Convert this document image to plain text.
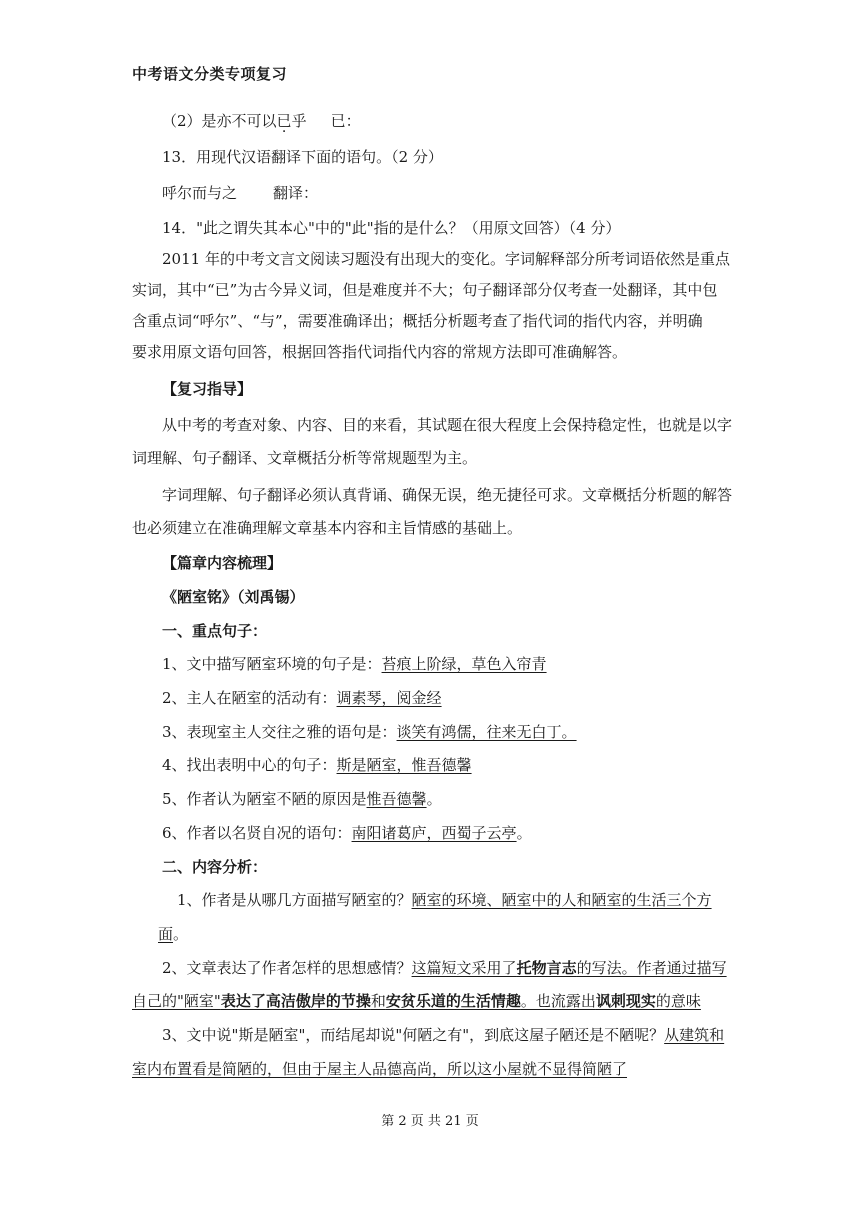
中考语文分类专项复习
（2）是亦不可以已乎 已：
13．用现代汉语翻译下面的语句。（2 分）
呼尔而与之 翻译：
14．"此之谓失其本心"中的"此"指的是什么？（用原文回答）（4 分）
2011 年的中考文言文阅读习题没有出现大的变化。字词解释部分所考词语依然是重点
实词，其中“已”为古今异义词，但是难度并不大；句子翻译部分仅考查一处翻译，其中包
含重点词“呼尔”、“与”，需要准确译出；概括分析题考查了指代词的指代内容，并明确
要求用原文语句回答，根据回答指代词指代内容的常规方法即可准确解答。
【复习指导】
从中考的考查对象、内容、目的来看，其试题在很大程度上会保持稳定性，也就是以字
词理解、句子翻译、文章概括分析等常规题型为主。
字词理解、句子翻译必须认真背诵、确保无误，绝无捷径可求。文章概括分析题的解答
也必须建立在准确理解文章基本内容和主旨情感的基础上。
【篇章内容梳理】
《陋室铭》（刘禹锡）
一、重点句子：
1、文中描写陋室环境的句子是：苔痕上阶绿，草色入帘青
2、主人在陋室的活动有：调素琴，阅金经
3、表现室主人交往之雅的语句是：谈笑有鸿儒，往来无白丁。
4、找出表明中心的句子：斯是陋室，惟吾德馨
5、作者认为陋室不陋的原因是惟吾德馨。
6、作者以名贤自况的语句：南阳诸葛庐，西蜀子云亭。
二、内容分析：
1、作者是从哪几方面描写陋室的？陋室的环境、陋室中的人和陋室的生活三个方
面。
2、文章表达了作者怎样的思想感情？这篇短文采用了托物言志的写法。作者通过描写
自己的"陋室"表达了高洁傲岸的节操和安贫乐道的生活情趣。也流露出讽刺现实的意味
3、文中说"斯是陋室"，而结尾却说"何陋之有"，到底这屋子陋还是不陋呢？从建筑和
室内布置看是简陋的，但由于屋主人品德高尚，所以这小屋就不显得简陋了
第 2 页 共 21 页
